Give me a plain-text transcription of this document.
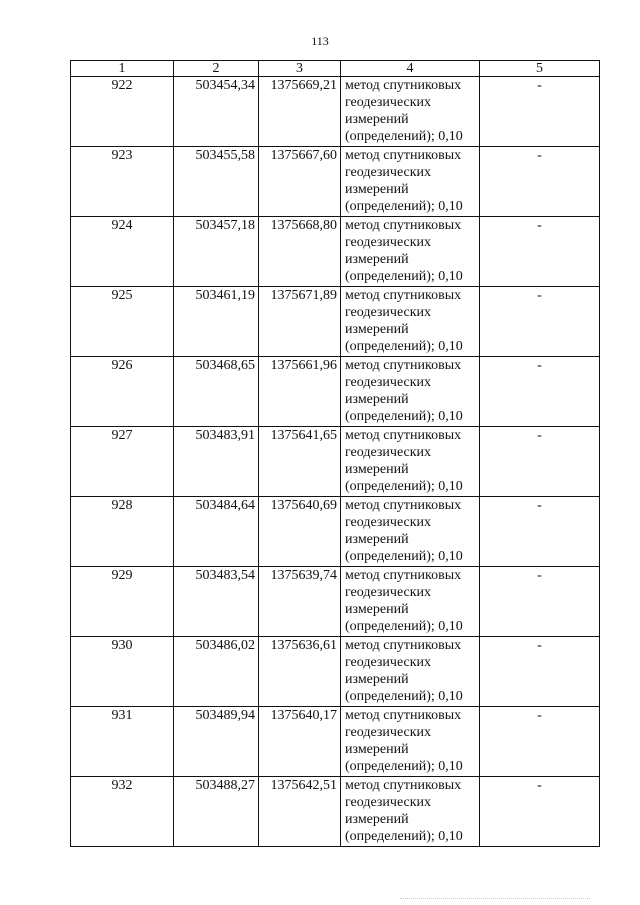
113
1	2	3	4	5
922	503454,34	1375669,21	метод спутниковых
геодезических
измерений
(определений); 0,10	-
923	503455,58	1375667,60	метод спутниковых
геодезических
измерений
(определений); 0,10	-
924	503457,18	1375668,80	метод спутниковых
геодезических
измерений
(определений); 0,10	-
925	503461,19	1375671,89	метод спутниковых
геодезических
измерений
(определений); 0,10	-
926	503468,65	1375661,96	метод спутниковых
геодезических
измерений
(определений); 0,10	-
927	503483,91	1375641,65	метод спутниковых
геодезических
измерений
(определений); 0,10	-
928	503484,64	1375640,69	метод спутниковых
геодезических
измерений
(определений); 0,10	-
929	503483,54	1375639,74	метод спутниковых
геодезических
измерений
(определений); 0,10	-
930	503486,02	1375636,61	метод спутниковых
геодезических
измерений
(определений); 0,10	-
931	503489,94	1375640,17	метод спутниковых
геодезических
измерений
(определений); 0,10	-
932	503488,27	1375642,51	метод спутниковых
геодезических
измерений
(определений); 0,10	-
